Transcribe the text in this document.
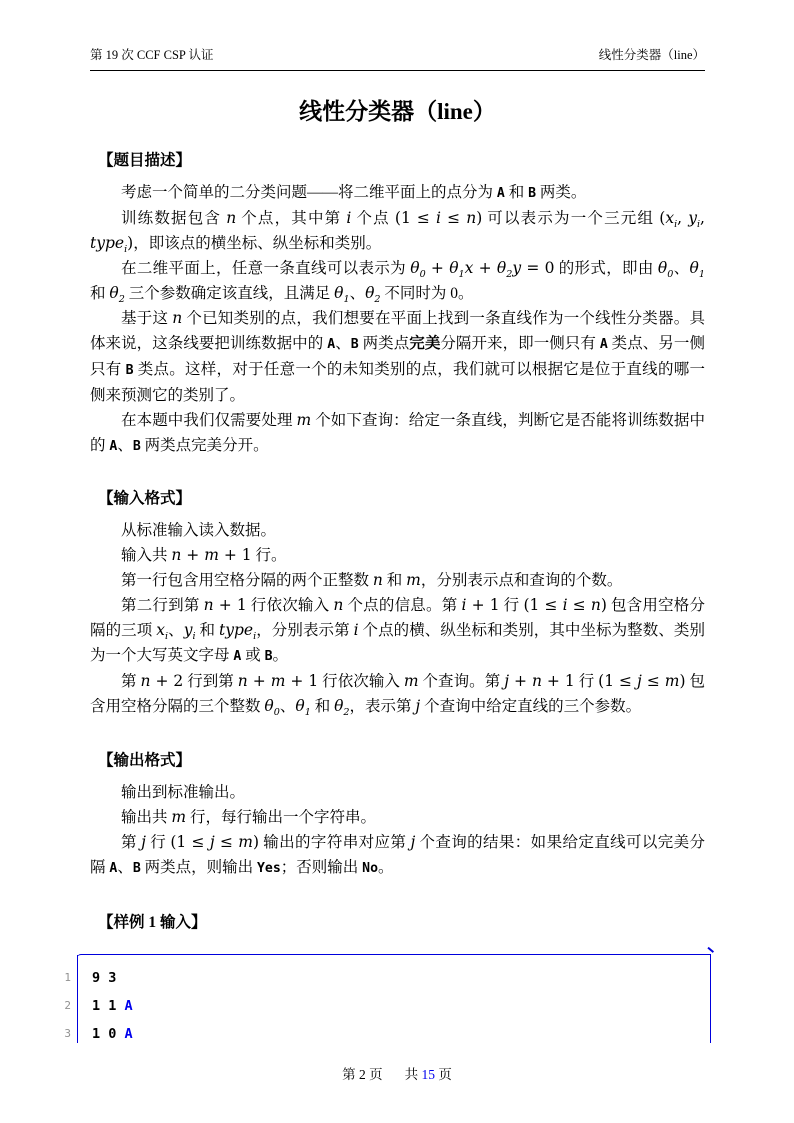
第 19 次 CCF CSP 认证	线性分类器（line）
线性分类器（line）
【题目描述】

考虑一个简单的二分类问题——将二维平面上的点分为 A 和 B 两类。

训练数据包含 n 个点，其中第 i 个点 (1 ≤ i ≤ n) 可以表示为一个三元组 ($x_i$, $y_i$, type$_i$)，即该点的横坐标、纵坐标和类别。

在二维平面上，任意一条直线可以表示为 $\theta_0 + \theta_1x + \theta_2y = 0$ 的形式，即由 $\theta_0$、$\theta_1$ 和 $\theta_2$ 三个参数确定该直线，且满足 $\theta_1$、$\theta_2$ 不同时为 0。

基于这 n 个已知类别的点，我们想要在平面上找到一条直线作为一个线性分类器。具体来说，这条线要把训练数据中的 A、B 两类点完美分隔开来，即一侧只有 A 类点、另一侧只有 B 类点。这样，对于任意一个的未知类别的点，我们就可以根据它是位于直线的哪一侧来预测它的类别了。

在本题中我们仅需要处理 m 个如下查询：给定一条直线，判断它是否能将训练数据中的 A、B 两类点完美分开。

【输入格式】

从标准输入读入数据。

输入共 n + m + 1 行。

第一行包含用空格分隔的两个正整数 n 和 m，分别表示点和查询的个数。

第二行到第 n + 1 行依次输入 n 个点的信息。第 i + 1 行 (1 ≤ i ≤ n) 包含用空格分隔的三项 $x_i$、$y_i$ 和 type$_i$，分别表示第 i 个点的横、纵坐标和类别，其中坐标为整数、类别为一个大写英文字母 A 或 B。

第 n + 2 行到第 n + m + 1 行依次输入 m 个查询。第 j + n + 1 行 (1 ≤ j ≤ m) 包含用空格分隔的三个整数 $\theta_0$、$\theta_1$ 和 $\theta_2$，表示第 j 个查询中给定直线的三个参数。

【输出格式】

输出到标准输出。

输出共 m 行，每行输出一个字符串。

第 j 行 (1 ≤ j ≤ m) 输出的字符串对应第 j 个查询的结果：如果给定直线可以完美分隔 A、B 两类点，则输出 Yes；否则输出 No。

【样例 1 输入】
1 9 3
2 1 1 A
3 1 0 A
第 2 页 共 15 页
